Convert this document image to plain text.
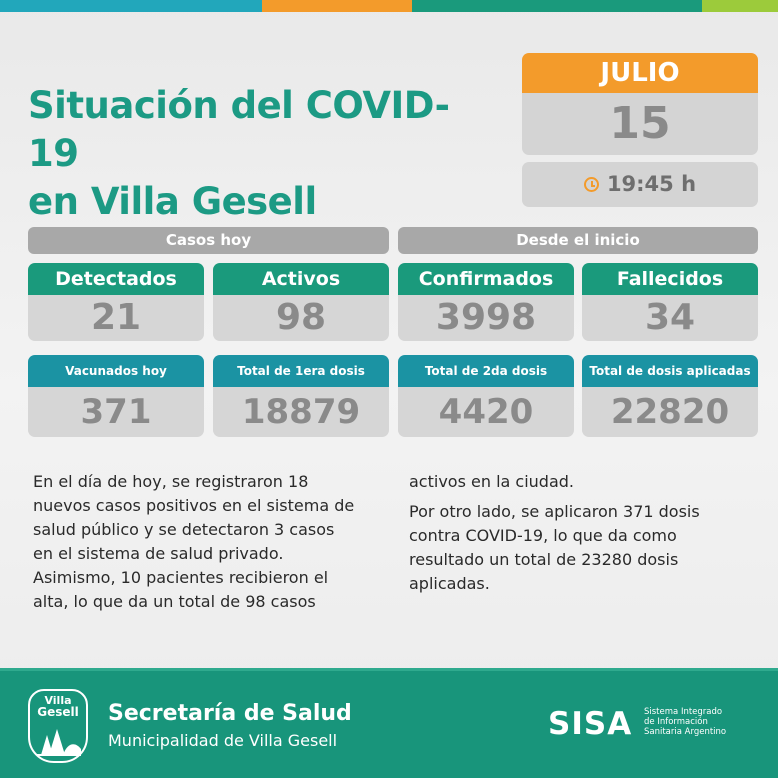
Situación del COVID-19
en Villa Gesell
JULIO
15
19:45 h
Casos hoy	Desde el inicio
Detectados
21
Activos
98
Confirmados
3998
Fallecidos
34
Vacunados hoy
371
Total de 1era dosis
18879
Total de 2da dosis
4420
Total de dosis aplicadas
22820
En el día de hoy, se registraron 18
nuevos casos positivos en el sistema de
salud público y se detectaron 3 casos
en el sistema de salud privado.
Asimismo, 10 pacientes recibieron el
alta, lo que da un total de 98 casos

activos en la ciudad.

Por otro lado, se aplicaron 371 dosis
contra COVID-19, lo que da como
resultado un total de 23280 dosis
aplicadas.

Villa
Gesell	Secretaría de Salud
Municipalidad de Villa Gesell	SISA Sistema Integrado
de Información
Sanitaria Argentino
